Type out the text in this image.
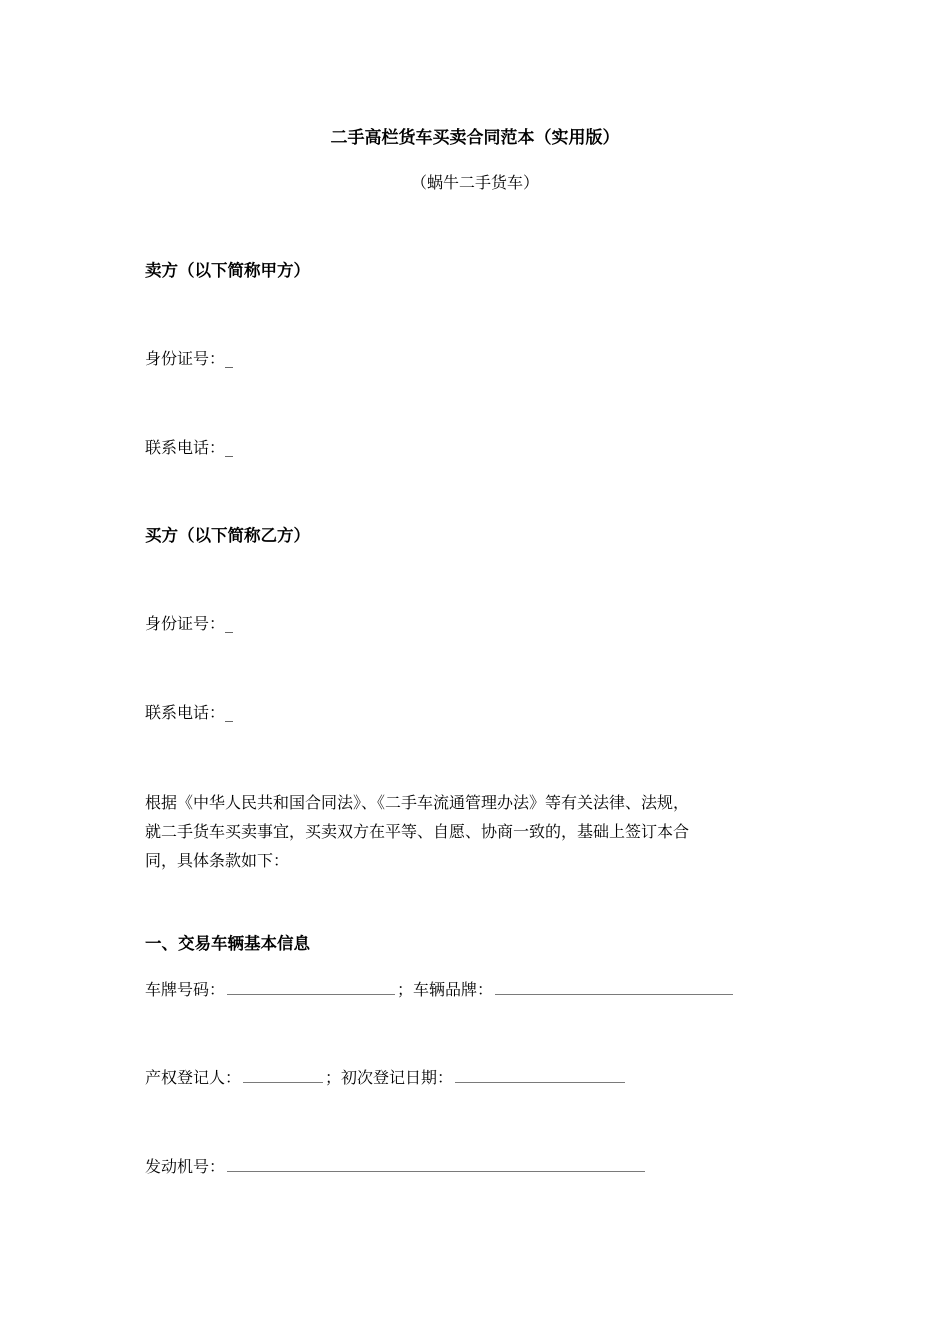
二手高栏货车买卖合同范本（实用版）
（蜗牛二手货车）
卖方（以下简称甲方）
身份证号：_
联系电话：_
买方（以下简称乙方）
身份证号：_
联系电话：_
根据《中华人民共和国合同法》、《二手车流通管理办法》等有关法律、法规，
就二手货车买卖事宜，买卖双方在平等、自愿、协商一致的，基础上签订本合
同，具体条款如下：
一、交易车辆基本信息
车牌号码：	；车辆品牌：
产权登记人：	；初次登记日期：
发动机号：
